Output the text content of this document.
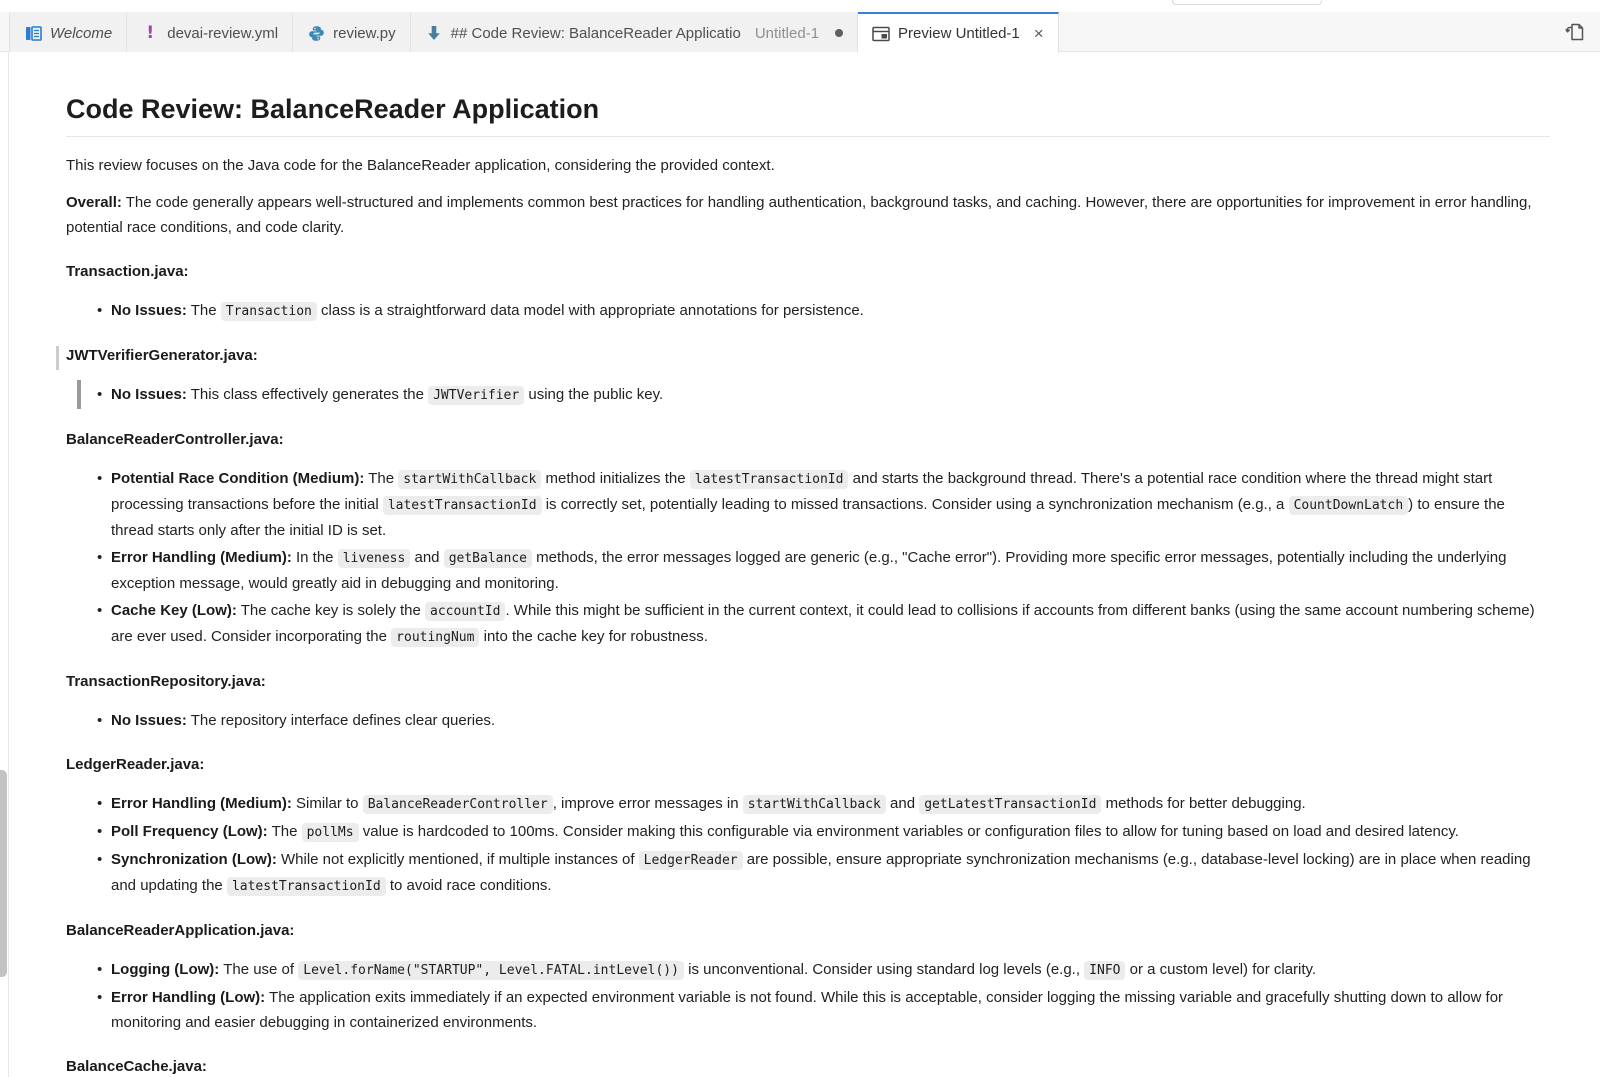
Welcome	! devai-review.yml	review.py	## Code Review: BalanceReader Applicatio Untitled-1	Preview Untitled-1 ×
Code Review: BalanceReader Application

This review focuses on the Java code for the BalanceReader application, considering the provided context.

Overall: The code generally appears well-structured and implements common best practices for handling authentication, background tasks, and caching. However, there are opportunities for improvement in error handling, potential race conditions, and code clarity.

Transaction.java:

• No Issues: The Transaction class is a straightforward data model with appropriate annotations for persistence.

JWTVerifierGenerator.java:

• No Issues: This class effectively generates the JWTVerifier using the public key.

BalanceReaderController.java:

• Potential Race Condition (Medium): The startWithCallback method initializes the latestTransactionId and starts the background thread. There's a potential race condition where the thread might start processing transactions before the initial latestTransactionId is correctly set, potentially leading to missed transactions. Consider using a synchronization mechanism (e.g., a CountDownLatch ) to ensure the thread starts only after the initial ID is set.
• Error Handling (Medium): In the liveness and getBalance methods, the error messages logged are generic (e.g., "Cache error"). Providing more specific error messages, potentially including the underlying exception message, would greatly aid in debugging and monitoring.
• Cache Key (Low): The cache key is solely the accountId . While this might be sufficient in the current context, it could lead to collisions if accounts from different banks (using the same account numbering scheme) are ever used. Consider incorporating the routingNum into the cache key for robustness.

TransactionRepository.java:

• No Issues: The repository interface defines clear queries.

LedgerReader.java:

• Error Handling (Medium): Similar to BalanceReaderController , improve error messages in startWithCallback and getLatestTransactionId methods for better debugging.
• Poll Frequency (Low): The pollMs value is hardcoded to 100ms. Consider making this configurable via environment variables or configuration files to allow for tuning based on load and desired latency.
• Synchronization (Low): While not explicitly mentioned, if multiple instances of LedgerReader are possible, ensure appropriate synchronization mechanisms (e.g., database-level locking) are in place when reading and updating the latestTransactionId to avoid race conditions.

BalanceReaderApplication.java:

• Logging (Low): The use of Level.forName("STARTUP", Level.FATAL.intLevel()) is unconventional. Consider using standard log levels (e.g., INFO or a custom level) for clarity.
• Error Handling (Low): The application exits immediately if an expected environment variable is not found. While this is acceptable, consider logging the missing variable and gracefully shutting down to allow for monitoring and easier debugging in containerized environments.

BalanceCache.java:
